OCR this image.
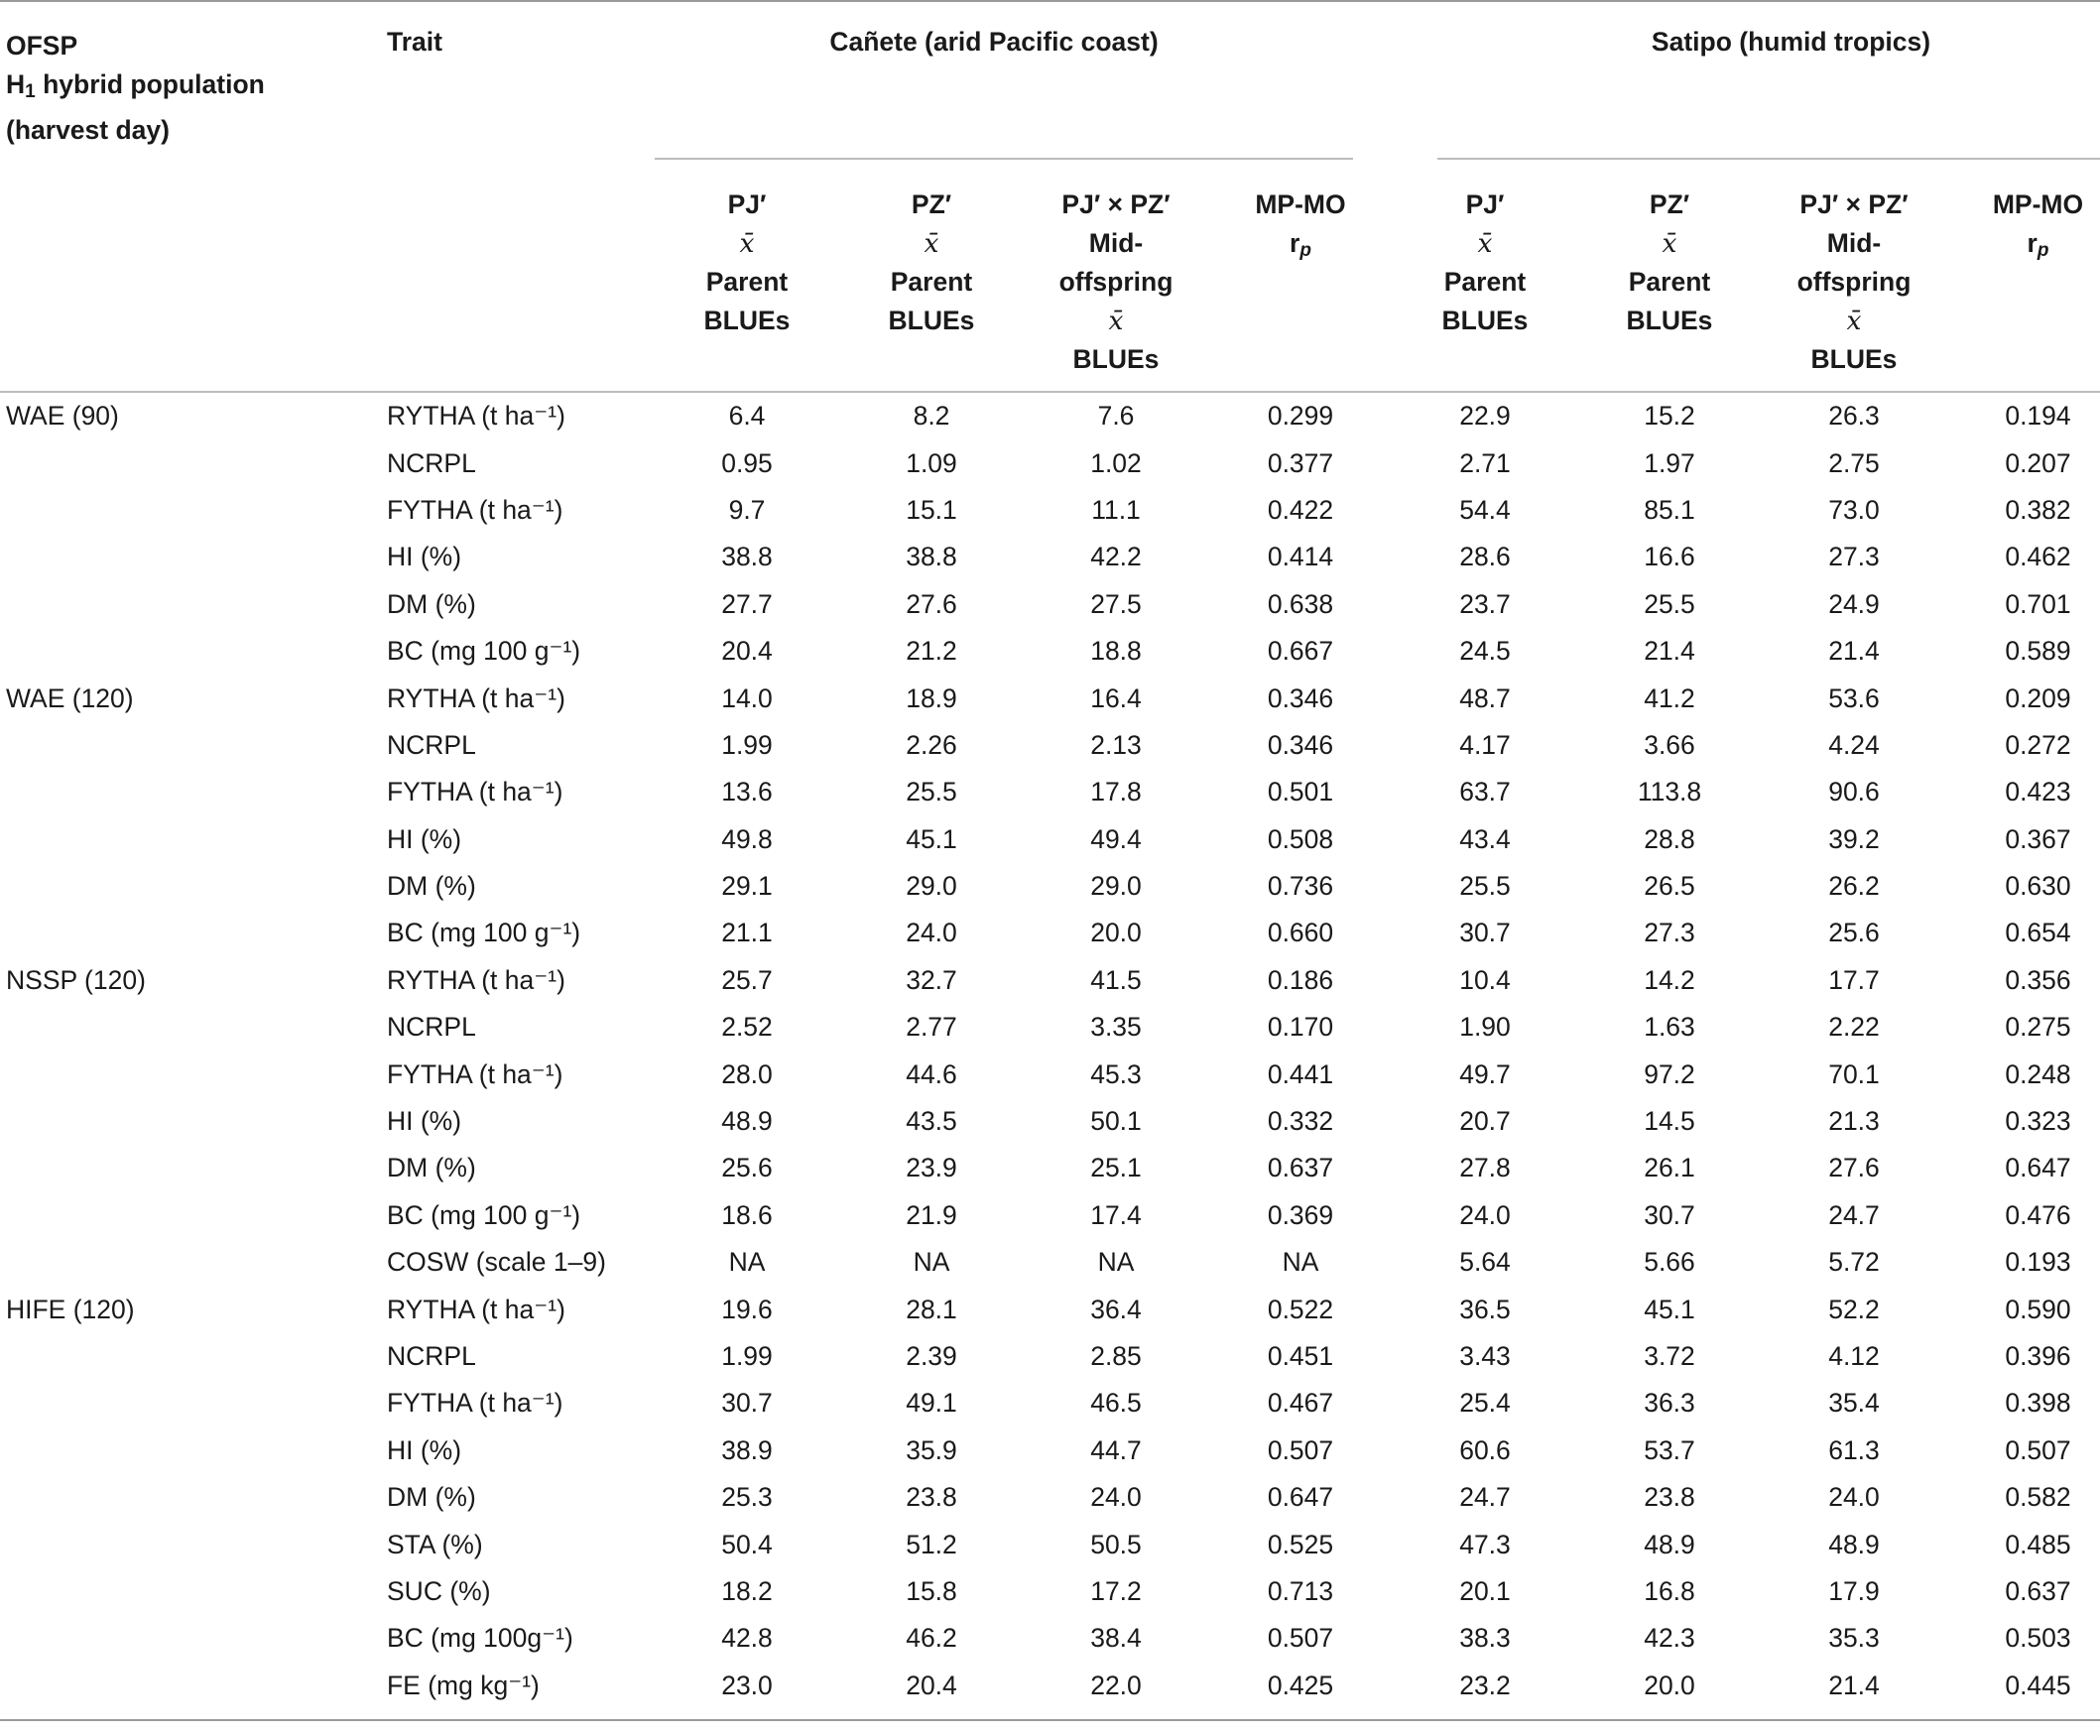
OFSP
$H_1$ hybrid population
(harvest day)	Trait	Cañete (arid Pacific coast)				Satipo (humid tropics)			

		PJ′
x̄
Parent
BLUEs	PZ′
x̄
Parent
BLUEs	PJ′ × PZ′
Mid-
offspring
x̄
BLUEs	MP-MO
$r_p$	PJ′
x̄
Parent
BLUEs	PZ′
x̄
Parent
BLUEs	PJ′ × PZ′
Mid-
offspring
x̄
BLUEs	MP-MO
$r_p$
WAE (90)	RYTHA (t ha⁻¹)	6.4	8.2	7.6	0.299	22.9	15.2	26.3	0.194
	NCRPL	0.95	1.09	1.02	0.377	2.71	1.97	2.75	0.207
	FYTHA (t ha⁻¹)	9.7	15.1	11.1	0.422	54.4	85.1	73.0	0.382
	HI (%)	38.8	38.8	42.2	0.414	28.6	16.6	27.3	0.462
	DM (%)	27.7	27.6	27.5	0.638	23.7	25.5	24.9	0.701
	BC (mg 100 g⁻¹)	20.4	21.2	18.8	0.667	24.5	21.4	21.4	0.589
WAE (120)	RYTHA (t ha⁻¹)	14.0	18.9	16.4	0.346	48.7	41.2	53.6	0.209
	NCRPL	1.99	2.26	2.13	0.346	4.17	3.66	4.24	0.272
	FYTHA (t ha⁻¹)	13.6	25.5	17.8	0.501	63.7	113.8	90.6	0.423
	HI (%)	49.8	45.1	49.4	0.508	43.4	28.8	39.2	0.367
	DM (%)	29.1	29.0	29.0	0.736	25.5	26.5	26.2	0.630
	BC (mg 100 g⁻¹)	21.1	24.0	20.0	0.660	30.7	27.3	25.6	0.654
NSSP (120)	RYTHA (t ha⁻¹)	25.7	32.7	41.5	0.186	10.4	14.2	17.7	0.356
	NCRPL	2.52	2.77	3.35	0.170	1.90	1.63	2.22	0.275
	FYTHA (t ha⁻¹)	28.0	44.6	45.3	0.441	49.7	97.2	70.1	0.248
	HI (%)	48.9	43.5	50.1	0.332	20.7	14.5	21.3	0.323
	DM (%)	25.6	23.9	25.1	0.637	27.8	26.1	27.6	0.647
	BC (mg 100 g⁻¹)	18.6	21.9	17.4	0.369	24.0	30.7	24.7	0.476
	COSW (scale 1–9)	NA	NA	NA	NA	5.64	5.66	5.72	0.193
HIFE (120)	RYTHA (t ha⁻¹)	19.6	28.1	36.4	0.522	36.5	45.1	52.2	0.590
	NCRPL	1.99	2.39	2.85	0.451	3.43	3.72	4.12	0.396
	FYTHA (t ha⁻¹)	30.7	49.1	46.5	0.467	25.4	36.3	35.4	0.398
	HI (%)	38.9	35.9	44.7	0.507	60.6	53.7	61.3	0.507
	DM (%)	25.3	23.8	24.0	0.647	24.7	23.8	24.0	0.582
	STA (%)	50.4	51.2	50.5	0.525	47.3	48.9	48.9	0.485
	SUC (%)	18.2	15.8	17.2	0.713	20.1	16.8	17.9	0.637
	BC (mg 100g⁻¹)	42.8	46.2	38.4	0.507	38.3	42.3	35.3	0.503
	FE (mg kg⁻¹)	23.0	20.4	22.0	0.425	23.2	20.0	21.4	0.445
